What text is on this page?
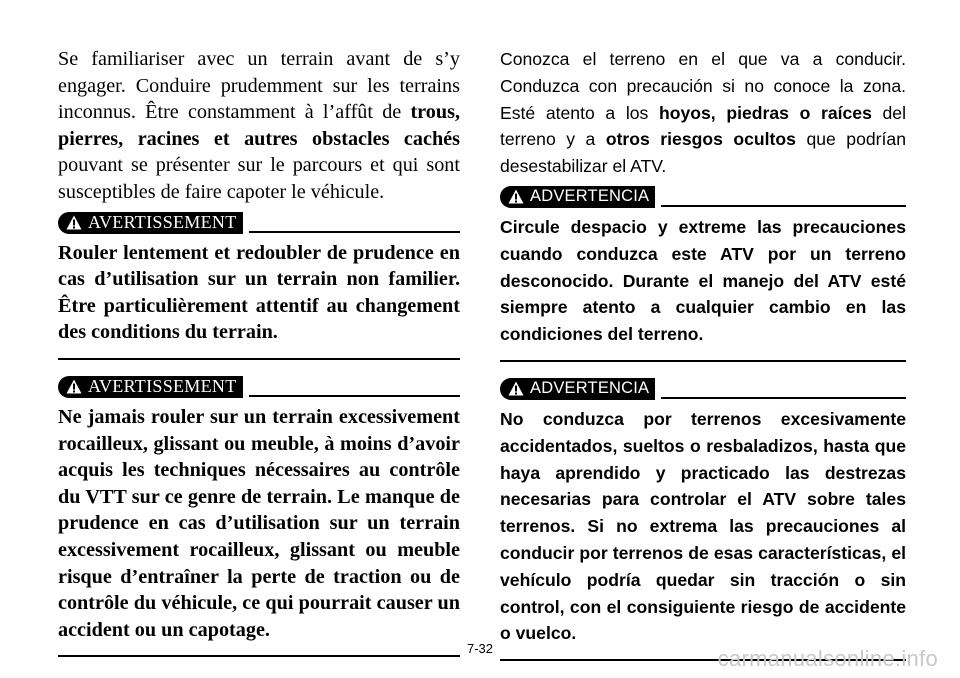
Se familiariser avec un terrain avant de s’y engager. Conduire prudemment sur les terrains inconnus. Être constamment à l’affût de trous, pierres, racines et autres obstacles cachés pouvant se présenter sur le parcours et qui sont susceptibles de faire capoter le véhicule.

AVERTISSEMENT

Rouler lentement et redoubler de prudence en cas d’utilisation sur un terrain non familier. Être particulièrement attentif au changement des conditions du terrain.

AVERTISSEMENT

Ne jamais rouler sur un terrain excessivement rocailleux, glissant ou meuble, à moins d’avoir acquis les techniques nécessaires au contrôle du VTT sur ce genre de terrain. Le manque de prudence en cas d’utilisation sur un terrain excessivement rocailleux, glissant ou meuble risque d’entraîner la perte de traction ou de contrôle du véhicule, ce qui pourrait causer un accident ou un capotage.

Conozca el terreno en el que va a conducir. Conduzca con precaución si no conoce la zona. Esté atento a los hoyos, piedras o raíces del terreno y a otros riesgos ocultos que podrían desestabilizar el ATV.

ADVERTENCIA

Circule despacio y extreme las precauciones cuando conduzca este ATV por un terreno desconocido. Durante el manejo del ATV esté siempre atento a cualquier cambio en las condiciones del terreno.

ADVERTENCIA

No conduzca por terrenos excesivamente accidentados, sueltos o resbaladizos, hasta que haya aprendido y practicado las destrezas necesarias para controlar el ATV sobre tales terrenos. Si no extrema las precauciones al conducir por terrenos de esas características, el vehículo podría quedar sin tracción o sin control, con el consiguiente riesgo de accidente o vuelco.

7-32	carmanualsonline.info
